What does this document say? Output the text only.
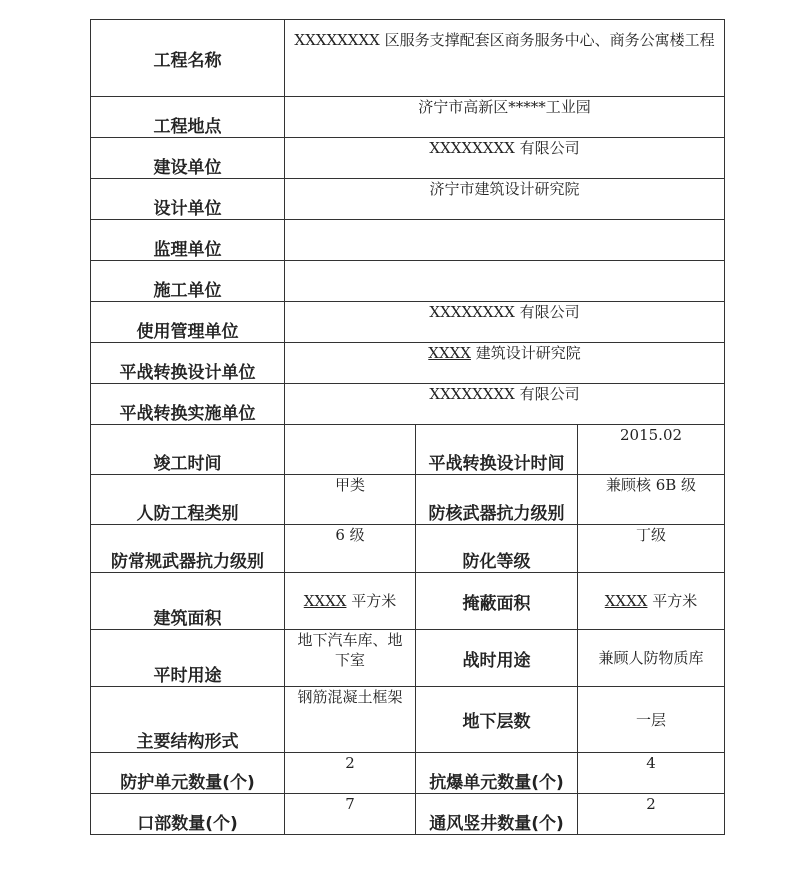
工程名称	XXXXXXXX 区服务支撑配套区商务服务中心、商务公寓楼工程		
工程地点	济宁市高新区*****工业园		
建设单位	XXXXXXXX 有限公司		
设计单位	济宁市建筑设计研究院		
监理单位			
施工单位			
使用管理单位	XXXXXXXX 有限公司		
平战转换设计单位	XXXX 建筑设计研究院		
平战转换实施单位	XXXXXXXX 有限公司		
竣工时间		平战转换设计时间	2015.02
人防工程类别	甲类	防核武器抗力级别	兼顾核 6B 级
防常规武器抗力级别	6 级	防化等级	丁级
建筑面积	XXXX 平方米	掩蔽面积	XXXX 平方米
平时用途	地下汽车库、地下室	战时用途	兼顾人防物质库
主要结构形式	钢筋混凝土框架	地下层数	一层
防护单元数量(个)	2	抗爆单元数量(个)	4
口部数量(个)	7	通风竖井数量(个)	2
